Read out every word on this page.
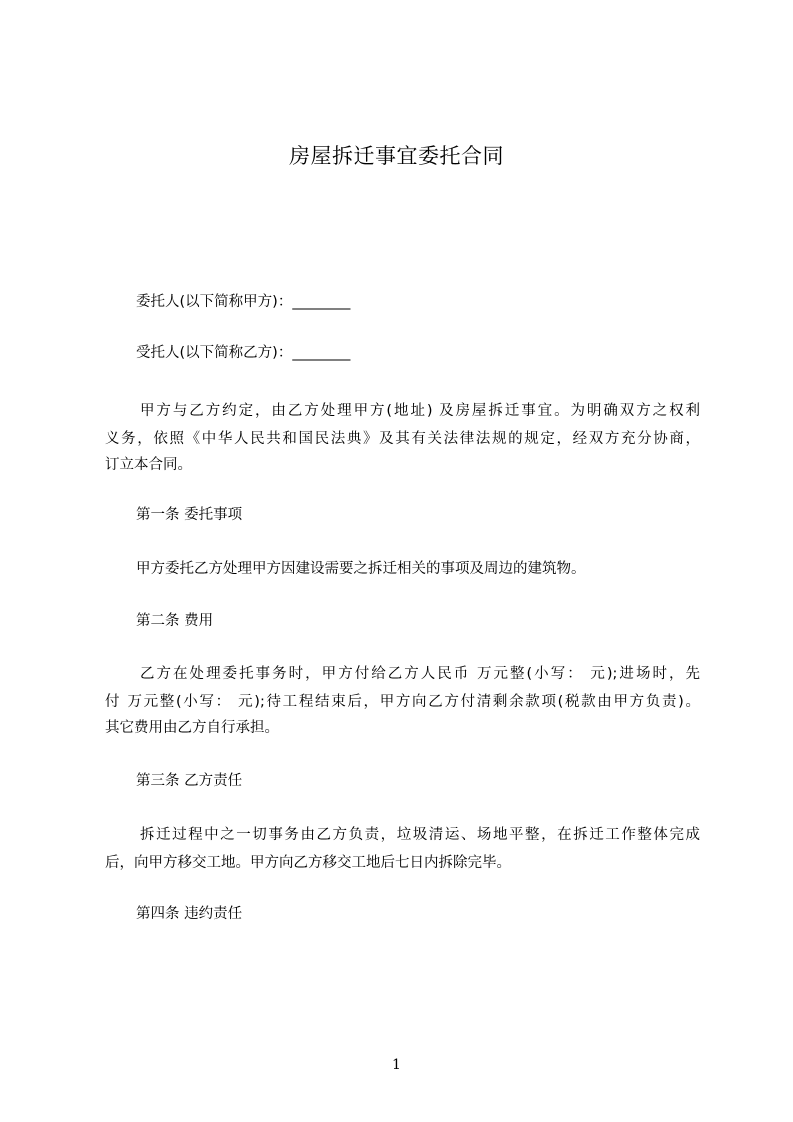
房屋拆迁事宜委托合同
委托人(以下简称甲方)：________
受托人(以下简称乙方)：________
甲方与乙方约定，由乙方处理甲方(地址) 及房屋拆迁事宜。为明确双方之权利
义务，依照《中华人民共和国民法典》及其有关法律法规的规定，经双方充分协商，
订立本合同。
第一条 委托事项
甲方委托乙方处理甲方因建设需要之拆迁相关的事项及周边的建筑物。
第二条 费用
乙方在处理委托事务时，甲方付给乙方人民币 万元整(小写： 元);进场时，先
付 万元整(小写： 元);待工程结束后，甲方向乙方付清剩余款项(税款由甲方负责)。
其它费用由乙方自行承担。
第三条 乙方责任
拆迁过程中之一切事务由乙方负责，垃圾清运、场地平整，在拆迁工作整体完成
后，向甲方移交工地。甲方向乙方移交工地后七日内拆除完毕。
第四条 违约责任
1
